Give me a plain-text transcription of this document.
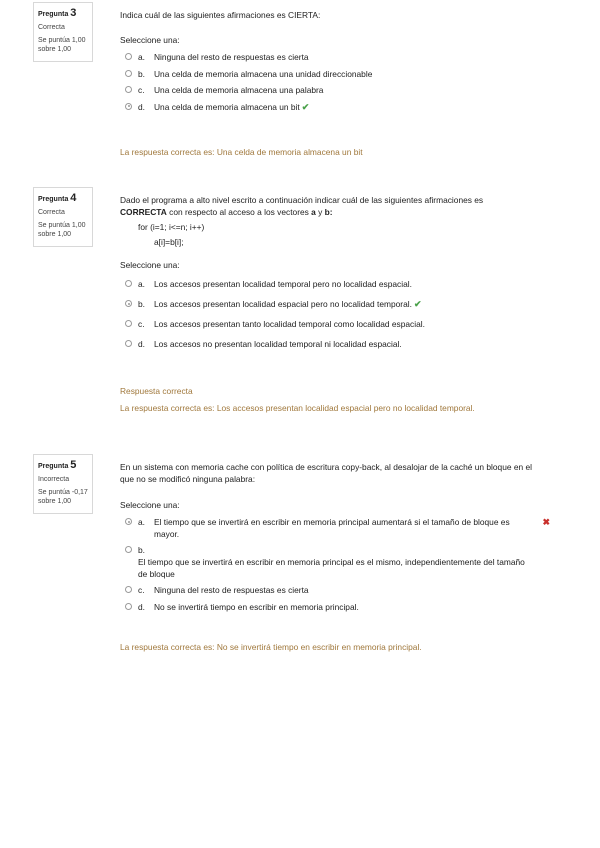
Pregunta 3
Correcta
Se puntúa 1,00
sobre 1,00

Indica cuál de las siguientes afirmaciones es CIERTA:

Seleccione una:
a. Ninguna del resto de respuestas es cierta
b. Una celda de memoria almacena una unidad direccionable
c. Una celda de memoria almacena una palabra
d. Una celda de memoria almacena un bit ✔
La respuesta correcta es: Una celda de memoria almacena un bit
Pregunta 4
Correcta
Se puntúa 1,00
sobre 1,00

Dado el programa a alto nivel escrito a continuación indicar cuál de las siguientes afirmaciones es
CORRECTA con respecto al acceso a los vectores a y b:

for (i=1; i<=n; i++)
a[i]=b[i];
Seleccione una:
a. Los accesos presentan localidad temporal pero no localidad espacial.
b. Los accesos presentan localidad espacial pero no localidad temporal. ✔
c. Los accesos presentan tanto localidad temporal como localidad espacial.
d. Los accesos no presentan localidad temporal ni localidad espacial.
Respuesta correcta
La respuesta correcta es: Los accesos presentan localidad espacial pero no localidad temporal.
Pregunta 5
Incorrecta
Se puntúa -0,17
sobre 1,00

En un sistema con memoria cache con política de escritura copy-back, al desalojar de la caché un bloque en el que no se modificó ninguna palabra:

Seleccione una:
a. El tiempo que se invertirá en escribir en memoria principal aumentará si el tamaño de bloque es mayor.
✖
b.El tiempo que se invertirá en escribir en memoria principal es el mismo, independientemente del tamaño de bloque
c. Ninguna del resto de respuestas es cierta
d. No se invertirá tiempo en escribir en memoria principal.
La respuesta correcta es: No se invertirá tiempo en escribir en memoria principal.
